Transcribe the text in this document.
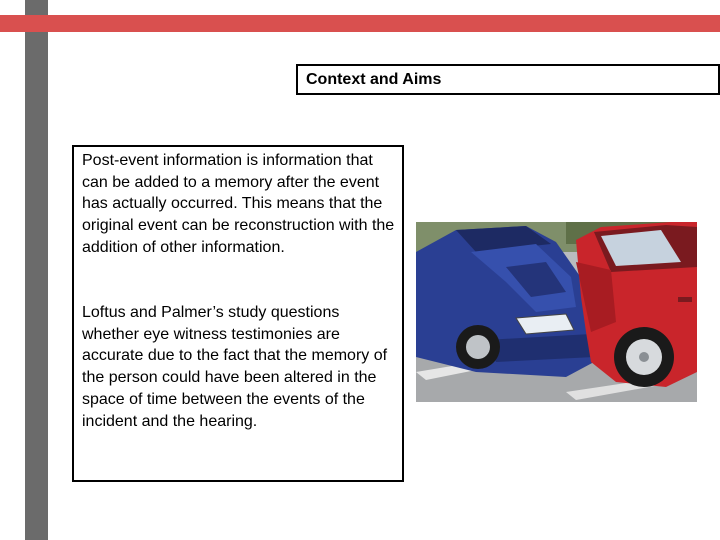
Context and Aims

Post-event information is information that can be added to a memory after the event has actually occurred. This means that the original event can be reconstruction with the addition of other information.

Loftus and Palmer’s study questions whether eye witness testimonies are accurate due to the fact that the memory of the person could have been altered in the space of time between the events of the incident and the hearing.
